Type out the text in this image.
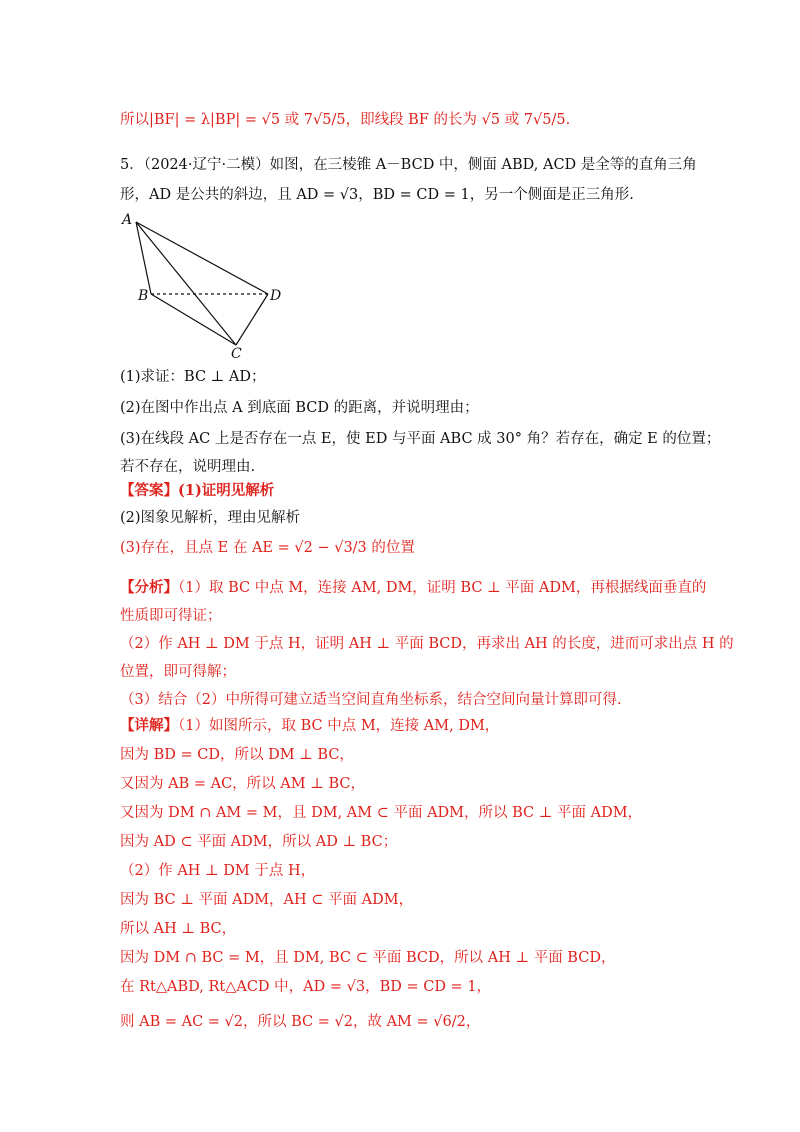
所以|BF| = λ|BP| = √5 或 7√5/5，即线段 BF 的长为 √5 或 7√5/5.
5．（2024·辽宁·二模）如图，在三棱锥 A－BCD 中，侧面 ABD, ACD 是全等的直角三角
形，AD 是公共的斜边，且 AD = √3，BD = CD = 1，另一个侧面是正三角形.
A
B	D
C
(1)求证：BC ⊥ AD；
(2)在图中作出点 A 到底面 BCD 的距离，并说明理由；
(3)在线段 AC 上是否存在一点 E，使 ED 与平面 ABC 成 30° 角？若存在，确定 E 的位置；
若不存在，说明理由.
【答案】(1)证明见解析
(2)图象见解析，理由见解析
(3)存在，且点 E 在 AE = √2 − √3/3 的位置
【分析】（1）取 BC 中点 M，连接 AM, DM，证明 BC ⊥ 平面 ADM，再根据线面垂直的
性质即可得证；
（2）作 AH ⊥ DM 于点 H，证明 AH ⊥ 平面 BCD，再求出 AH 的长度，进而可求出点 H 的
位置，即可得解；
（3）结合（2）中所得可建立适当空间直角坐标系，结合空间向量计算即可得.
【详解】（1）如图所示，取 BC 中点 M，连接 AM, DM，
因为 BD = CD，所以 DM ⊥ BC，
又因为 AB = AC，所以 AM ⊥ BC，
又因为 DM ∩ AM = M，且 DM, AM ⊂ 平面 ADM，所以 BC ⊥ 平面 ADM，
因为 AD ⊂ 平面 ADM，所以 AD ⊥ BC；
（2）作 AH ⊥ DM 于点 H，
因为 BC ⊥ 平面 ADM，AH ⊂ 平面 ADM，
所以 AH ⊥ BC，
因为 DM ∩ BC = M，且 DM, BC ⊂ 平面 BCD，所以 AH ⊥ 平面 BCD，
在 Rt△ABD, Rt△ACD 中，AD = √3，BD = CD = 1，
则 AB = AC = √2，所以 BC = √2，故 AM = √6/2，
